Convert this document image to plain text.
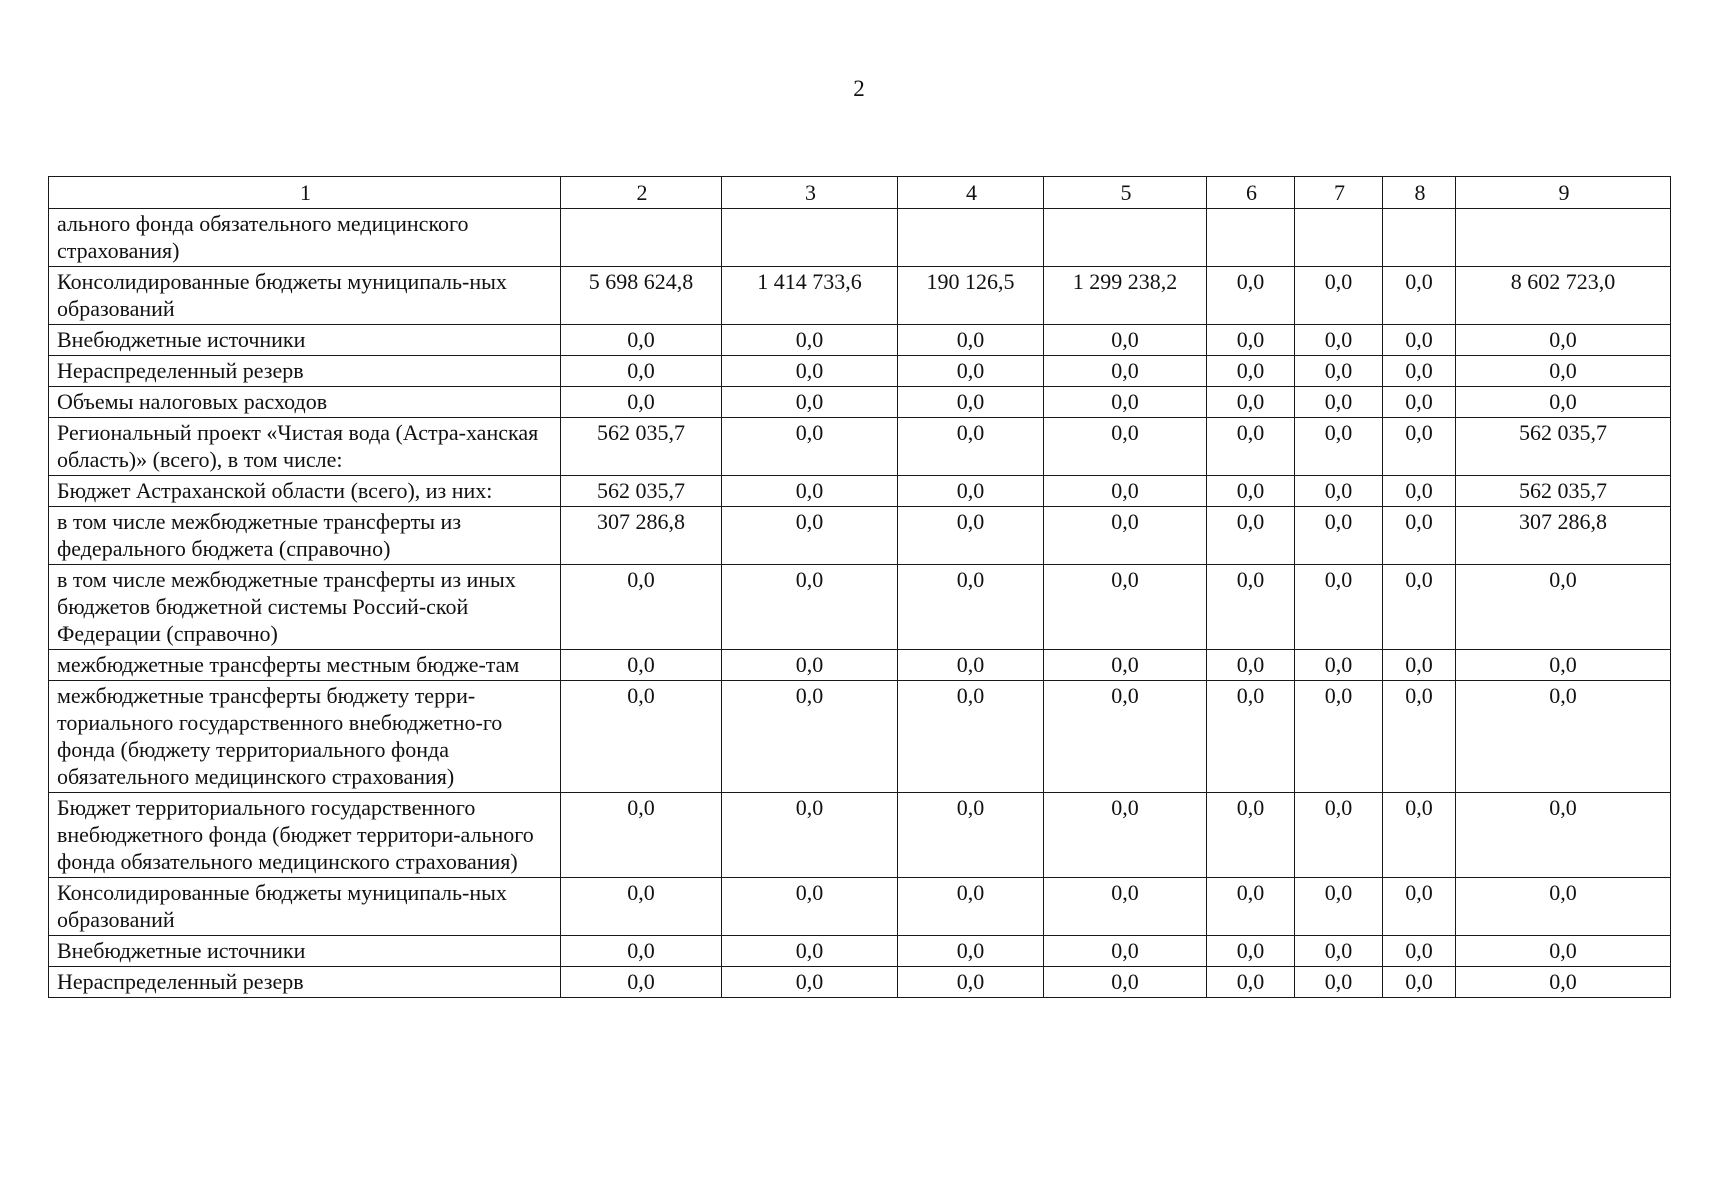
2
1	2	3	4	5	6	7	8	9
ального фонда обязательного медицинского страхования)								
Консолидированные бюджеты муниципаль-ных образований	5 698 624,8	1 414 733,6	190 126,5	1 299 238,2	0,0	0,0	0,0	8 602 723,0
Внебюджетные источники	0,0	0,0	0,0	0,0	0,0	0,0	0,0	0,0
Нераспределенный резерв	0,0	0,0	0,0	0,0	0,0	0,0	0,0	0,0
Объемы налоговых расходов	0,0	0,0	0,0	0,0	0,0	0,0	0,0	0,0
Региональный проект «Чистая вода (Астра-ханская область)» (всего), в том числе:	562 035,7	0,0	0,0	0,0	0,0	0,0	0,0	562 035,7
Бюджет Астраханской области (всего), из них:	562 035,7	0,0	0,0	0,0	0,0	0,0	0,0	562 035,7
в том числе межбюджетные трансферты из федерального бюджета (справочно)	307 286,8	0,0	0,0	0,0	0,0	0,0	0,0	307 286,8
в том числе межбюджетные трансферты из иных бюджетов бюджетной системы Россий-ской Федерации (справочно)	0,0	0,0	0,0	0,0	0,0	0,0	0,0	0,0
межбюджетные трансферты местным бюдже-там	0,0	0,0	0,0	0,0	0,0	0,0	0,0	0,0
межбюджетные трансферты бюджету терри-ториального государственного внебюджетно-го фонда (бюджету территориального фонда обязательного медицинского страхования)	0,0	0,0	0,0	0,0	0,0	0,0	0,0	0,0
Бюджет территориального государственного внебюджетного фонда (бюджет территори-ального фонда обязательного медицинского страхования)	0,0	0,0	0,0	0,0	0,0	0,0	0,0	0,0
Консолидированные бюджеты муниципаль-ных образований	0,0	0,0	0,0	0,0	0,0	0,0	0,0	0,0
Внебюджетные источники	0,0	0,0	0,0	0,0	0,0	0,0	0,0	0,0
Нераспределенный резерв	0,0	0,0	0,0	0,0	0,0	0,0	0,0	0,0
